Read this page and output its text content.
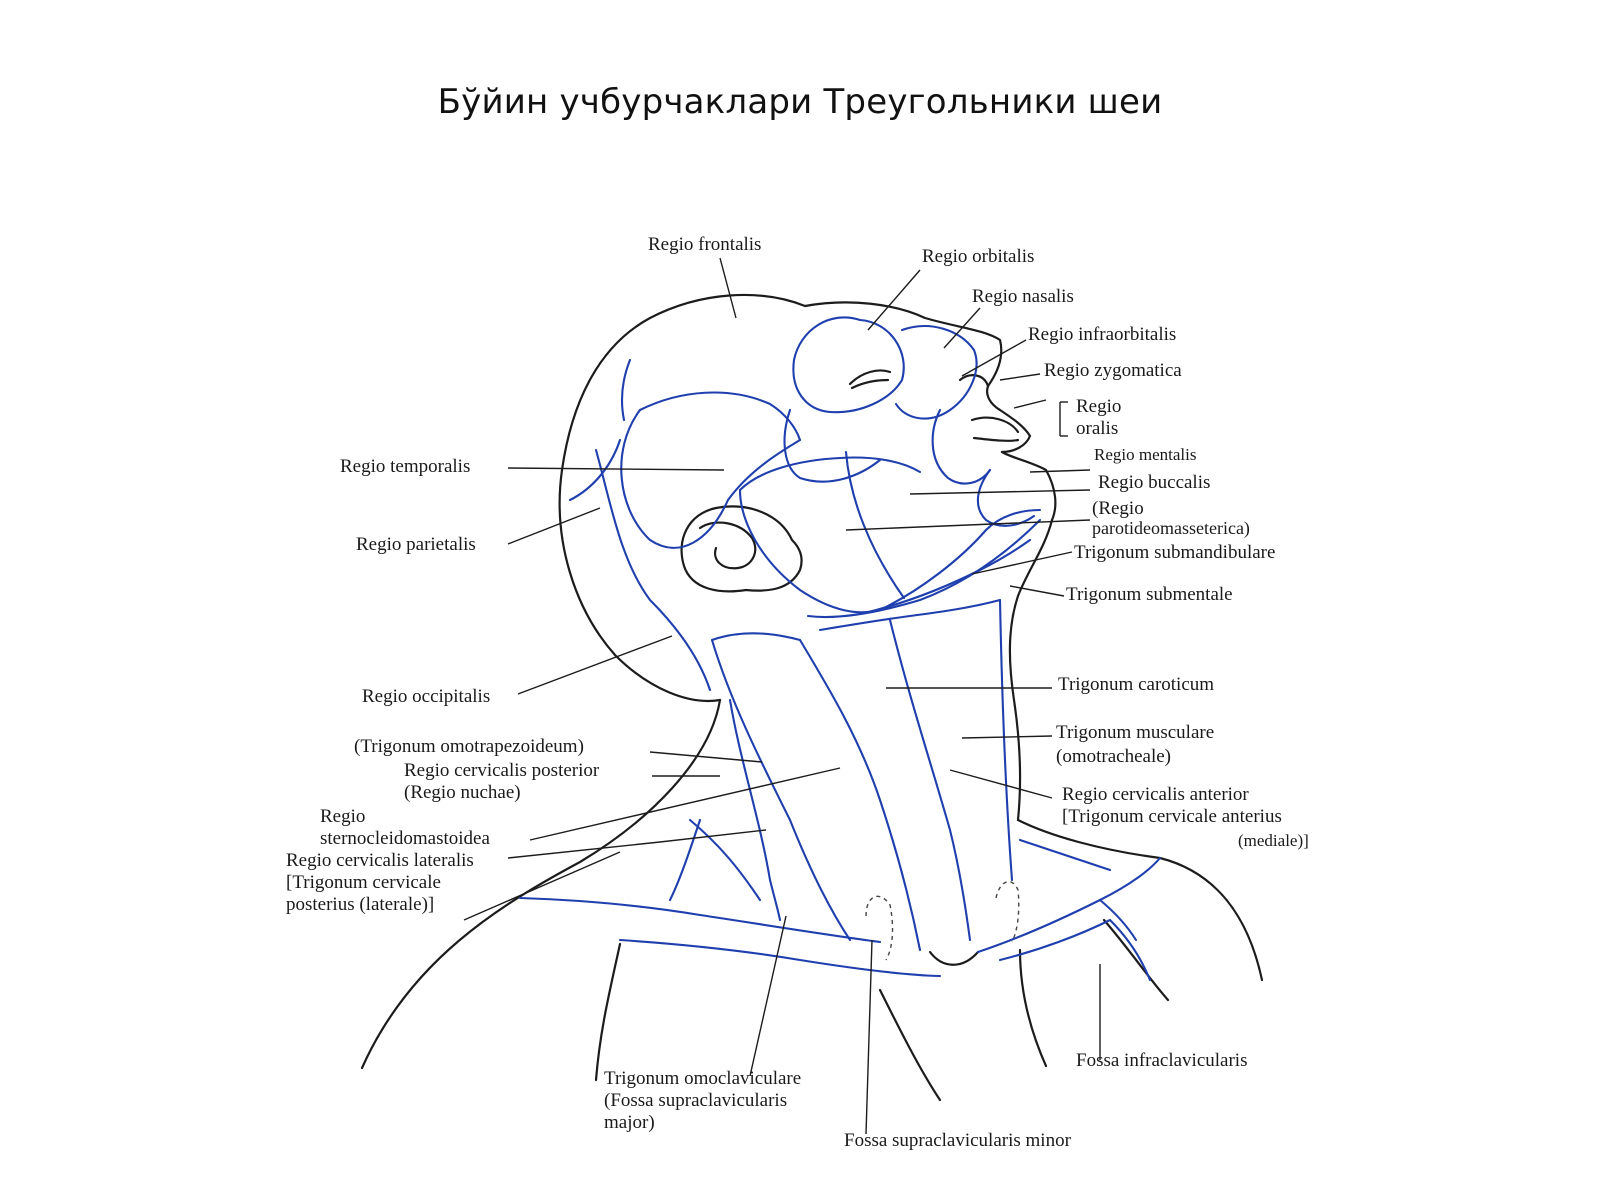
Бўйин учбурчаклари Треугольники шеи
Regio frontalis
Regio orbitalis
Regio nasalis
Regio infraorbitalis
Regio zygomatica
Regio
oralis
Regio mentalis
Regio buccalis
(Regio
parotideomasseterica)
Trigonum submandibulare
Trigonum submentale
Regio temporalis
Regio parietalis
Trigonum caroticum
Trigonum musculare
(omotracheale)
Regio occipitalis
(Trigonum omotrapezoideum)
Regio cervicalis posterior
(Regio nuchae)
Regio
sternocleidomastoidea
Regio cervicalis lateralis
[Trigonum cervicale
posterius (laterale)]
Regio cervicalis anterior
[Trigonum cervicale anterius
(mediale)]
Fossa infraclavicularis
Trigonum omoclaviculare
(Fossa supraclavicularis
major)
Fossa supraclavicularis minor
